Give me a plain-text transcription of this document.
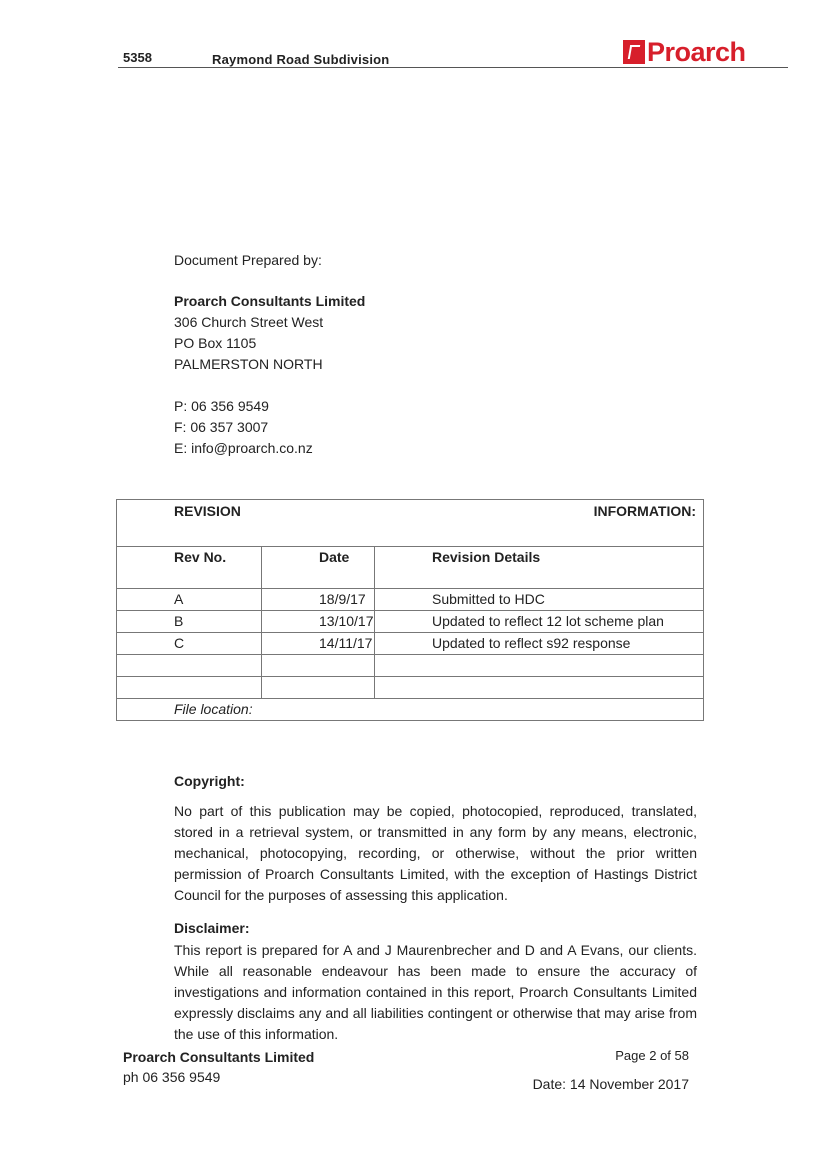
5358	Raymond Road Subdivision	Proarch
Document Prepared by:
Proarch Consultants Limited
306 Church Street West
PO Box 1105
PALMERSTON NORTH
P: 06 356 9549
F: 06 357 3007
E: info@proarch.co.nz
REVISION		INFORMATION:
Rev No.	Date	Revision Details
A	18/9/17	Submitted to HDC
B	13/10/17	Updated to reflect 12 lot scheme plan
C	14/11/17	Updated to reflect s92 response

File location:		
Copyright:
No part of this publication may be copied, photocopied, reproduced, translated, stored in a retrieval system, or transmitted in any form by any means, electronic, mechanical, photocopying, recording, or otherwise, without the prior written permission of Proarch Consultants Limited, with the exception of Hastings District Council for the purposes of assessing this application.
Disclaimer:
This report is prepared for A and J Maurenbrecher and D and A Evans, our clients. While all reasonable endeavour has been made to ensure the accuracy of investigations and information contained in this report, Proarch Consultants Limited expressly disclaims any and all liabilities contingent or otherwise that may arise from the use of this information.
Proarch Consultants Limited
ph 06 356 9549
Page 2 of 58
Date: 14 November 2017
